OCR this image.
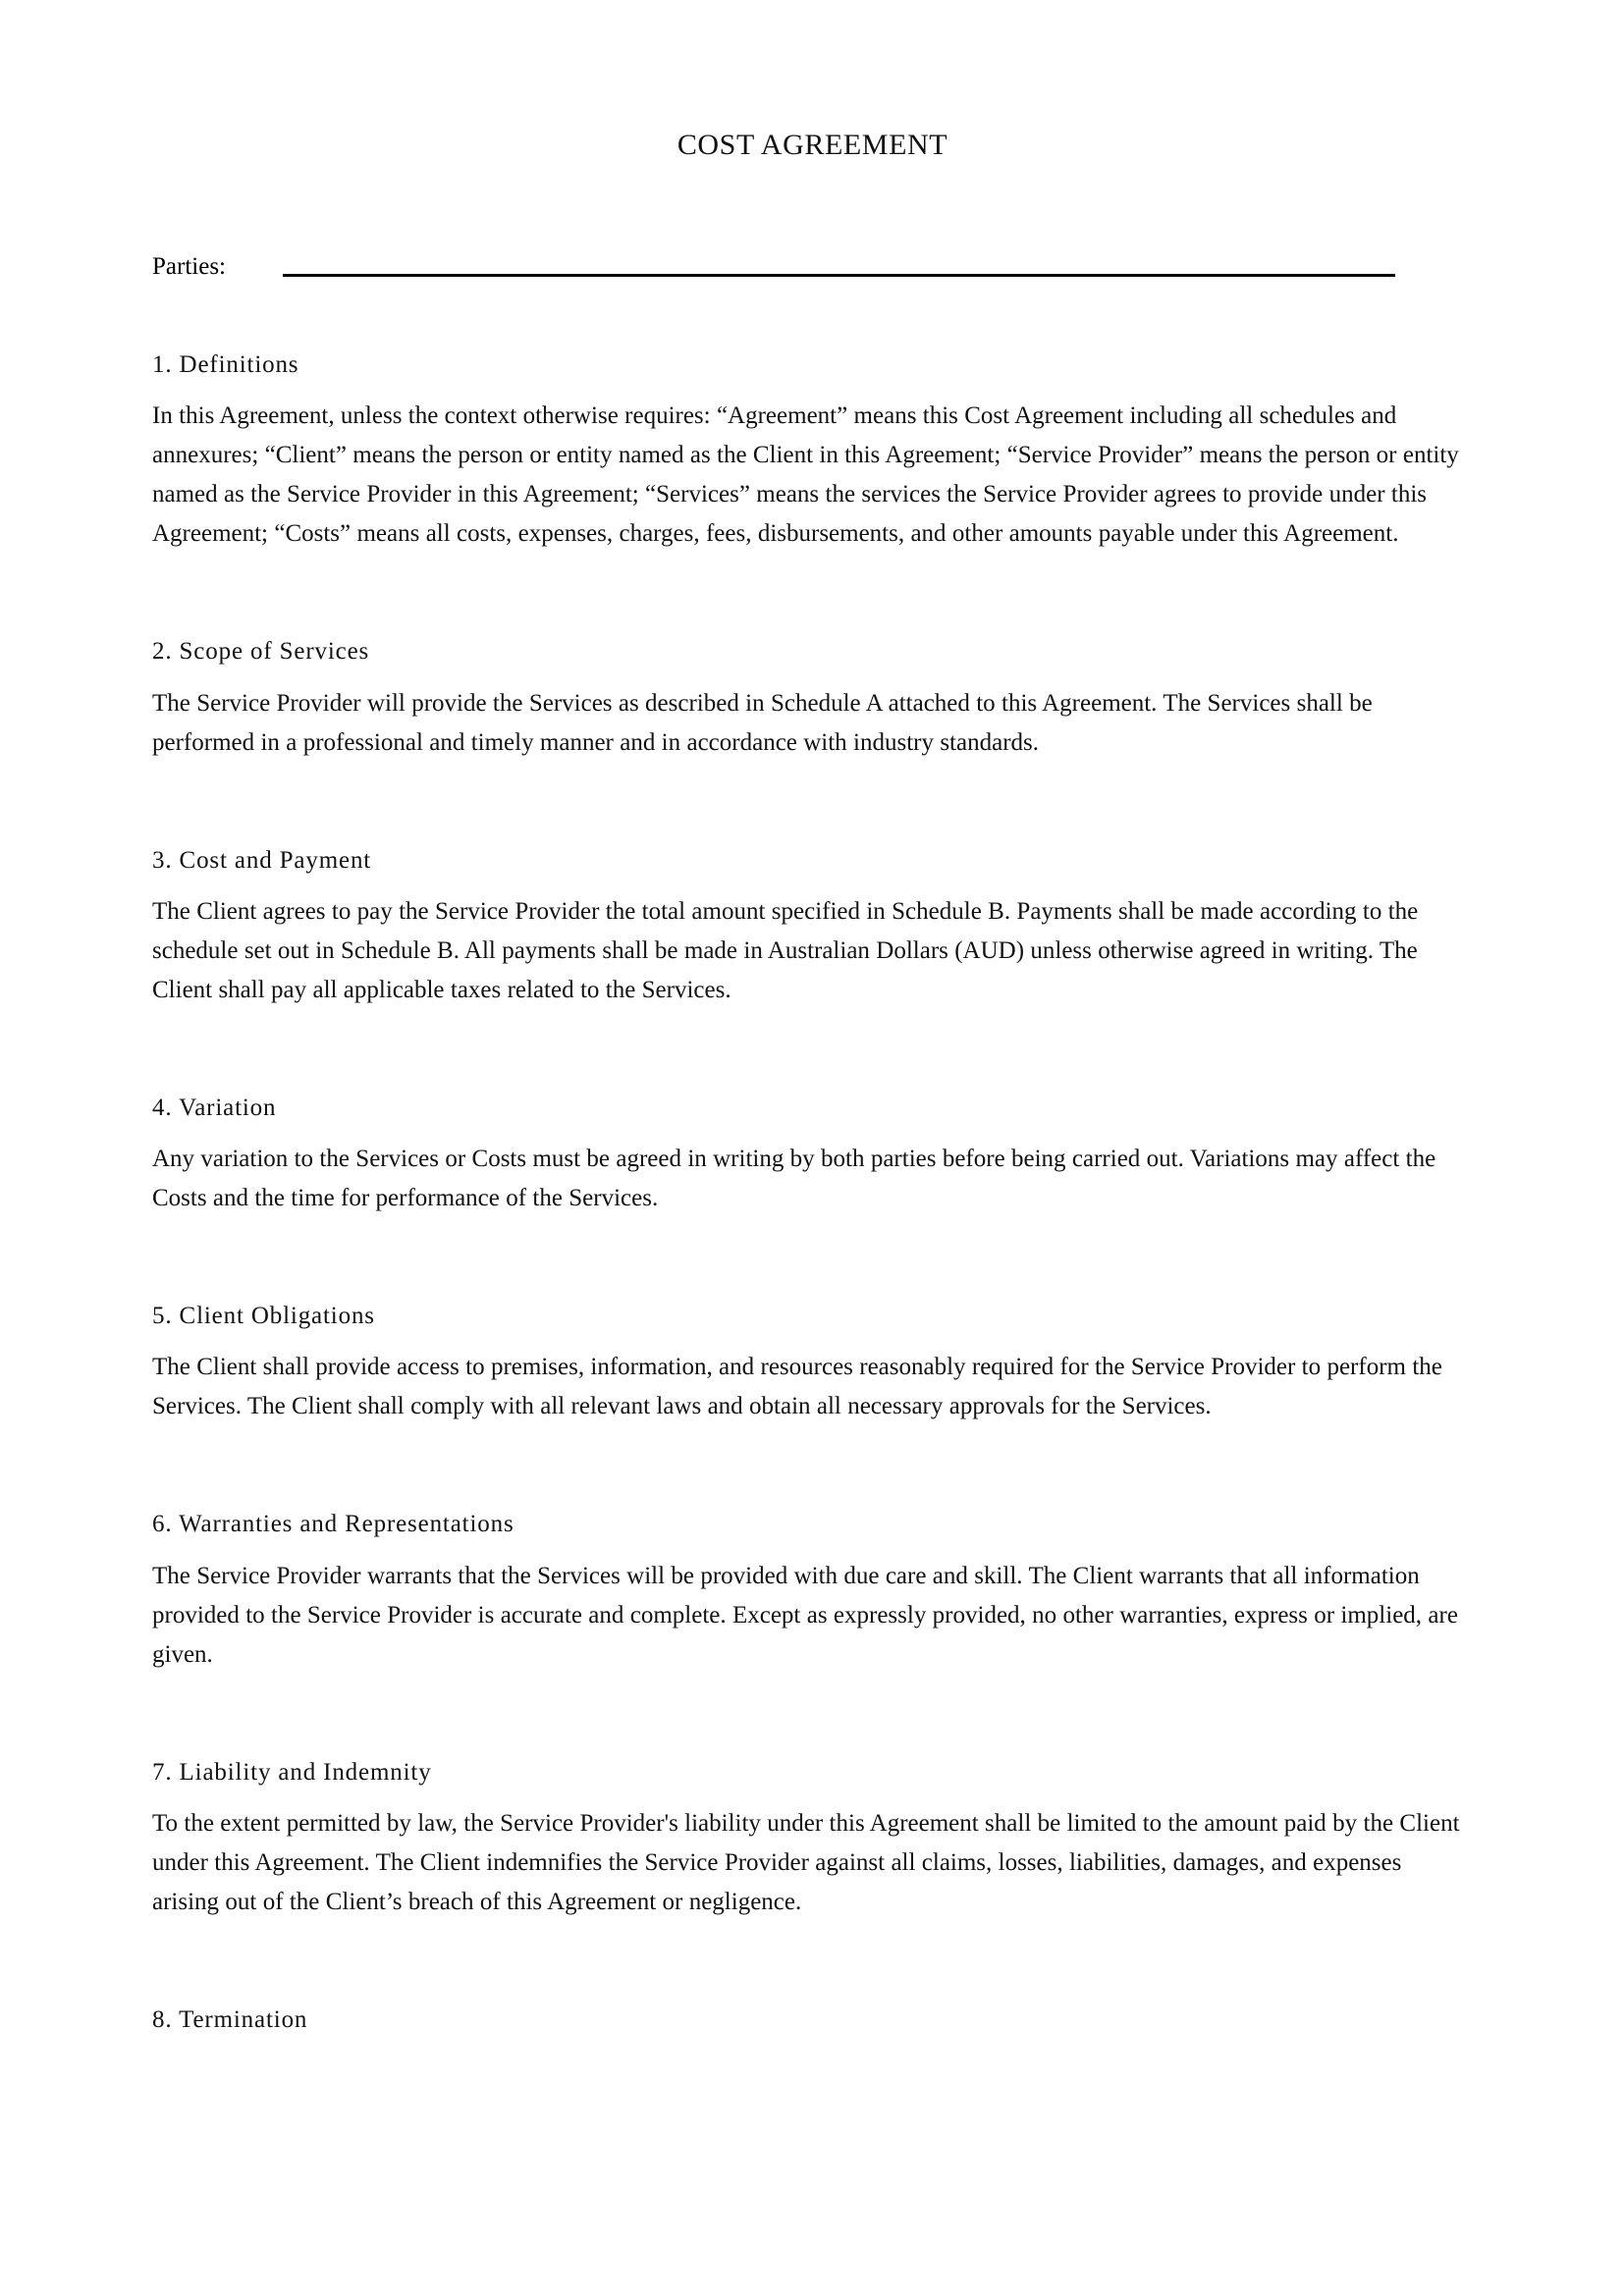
COST AGREEMENT
Parties:
1. Definitions

In this Agreement, unless the context otherwise requires: “Agreement” means this Cost Agreement including all schedules and annexures; “Client” means the person or entity named as the Client in this Agreement; “Service Provider” means the person or entity named as the Service Provider in this Agreement; “Services” means the services the Service Provider agrees to provide under this Agreement; “Costs” means all costs, expenses, charges, fees, disbursements, and other amounts payable under this Agreement.

2. Scope of Services

The Service Provider will provide the Services as described in Schedule A attached to this Agreement. The Services shall be performed in a professional and timely manner and in accordance with industry standards.

3. Cost and Payment

The Client agrees to pay the Service Provider the total amount specified in Schedule B. Payments shall be made according to the schedule set out in Schedule B. All payments shall be made in Australian Dollars (AUD) unless otherwise agreed in writing. The Client shall pay all applicable taxes related to the Services.

4. Variation

Any variation to the Services or Costs must be agreed in writing by both parties before being carried out. Variations may affect the Costs and the time for performance of the Services.

5. Client Obligations

The Client shall provide access to premises, information, and resources reasonably required for the Service Provider to perform the Services. The Client shall comply with all relevant laws and obtain all necessary approvals for the Services.

6. Warranties and Representations

The Service Provider warrants that the Services will be provided with due care and skill. The Client warrants that all information provided to the Service Provider is accurate and complete. Except as expressly provided, no other warranties, express or implied, are given.

7. Liability and Indemnity

To the extent permitted by law, the Service Provider's liability under this Agreement shall be limited to the amount paid by the Client under this Agreement. The Client indemnifies the Service Provider against all claims, losses, liabilities, damages, and expenses arising out of the Client’s breach of this Agreement or negligence.

8. Termination
